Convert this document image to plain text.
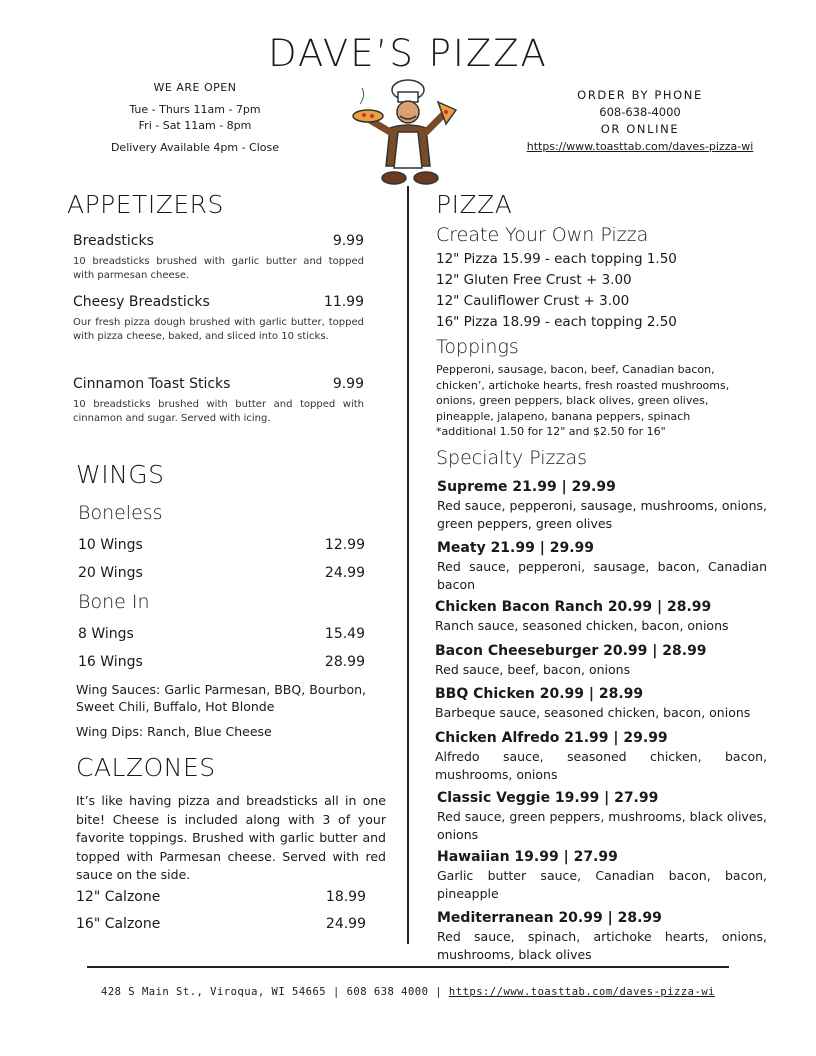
DAVE’S PIZZA
WE ARE OPEN
Tue - Thurs 11am - 7pm
Fri - Sat 11am - 8pm
Delivery Available 4pm - Close
ORDER BY PHONE
608-638-4000
OR ONLINE
https://www.toasttab.com/daves-pizza-wi
APPETIZERS
Breadsticks	9.99
10 breadsticks brushed with garlic butter and topped with parmesan cheese.
Cheesy Breadsticks	11.99
Our fresh pizza dough brushed with garlic butter, topped with pizza cheese, baked, and sliced into 10 sticks.
Cinnamon Toast Sticks	9.99
10 breadsticks brushed with butter and topped with cinnamon and sugar. Served with icing.
WINGS
Boneless
10 Wings	12.99
20 Wings	24.99
Bone In
8 Wings	15.49
16 Wings	28.99
Wing Sauces: Garlic Parmesan, BBQ, Bourbon, Sweet Chili, Buffalo, Hot Blonde
Wing Dips: Ranch, Blue Cheese
CALZONES
It’s like having pizza and breadsticks all in one bite! Cheese is included along with 3 of your favorite toppings. Brushed with garlic butter and topped with Parmesan cheese. Served with red sauce on the side.
12" Calzone	18.99
16" Calzone	24.99
PIZZA
Create Your Own Pizza
12" Pizza 15.99 - each topping 1.50
12" Gluten Free Crust + 3.00
12" Cauliflower Crust + 3.00
16" Pizza 18.99 - each topping 2.50
Toppings
Pepperoni, sausage, bacon, beef, Canadian bacon, chicken’, artichoke hearts, fresh roasted mushrooms, onions, green peppers, black olives, green olives, pineapple, jalapeno, banana peppers, spinach
*additional 1.50 for 12" and $2.50 for 16"
Specialty Pizzas
Supreme 21.99 | 29.99
Red sauce, pepperoni, sausage, mushrooms, onions, green peppers, green olives
Meaty 21.99 | 29.99
Red sauce, pepperoni, sausage, bacon, Canadian bacon
Chicken Bacon Ranch 20.99 | 28.99
Ranch sauce, seasoned chicken, bacon, onions
Bacon Cheeseburger 20.99 | 28.99
Red sauce, beef, bacon, onions
BBQ Chicken 20.99 | 28.99
Barbeque sauce, seasoned chicken, bacon, onions
Chicken Alfredo 21.99 | 29.99
Alfredo sauce, seasoned chicken, bacon, mushrooms, onions
Classic Veggie 19.99 | 27.99
Red sauce, green peppers, mushrooms, black olives, onions
Hawaiian 19.99 | 27.99
Garlic butter sauce, Canadian bacon, bacon, pineapple
Mediterranean 20.99 | 28.99
Red sauce, spinach, artichoke hearts, onions, mushrooms, black olives
428 S Main St., Viroqua, WI 54665 | 608 638 4000 | https://www.toasttab.com/daves-pizza-wi
